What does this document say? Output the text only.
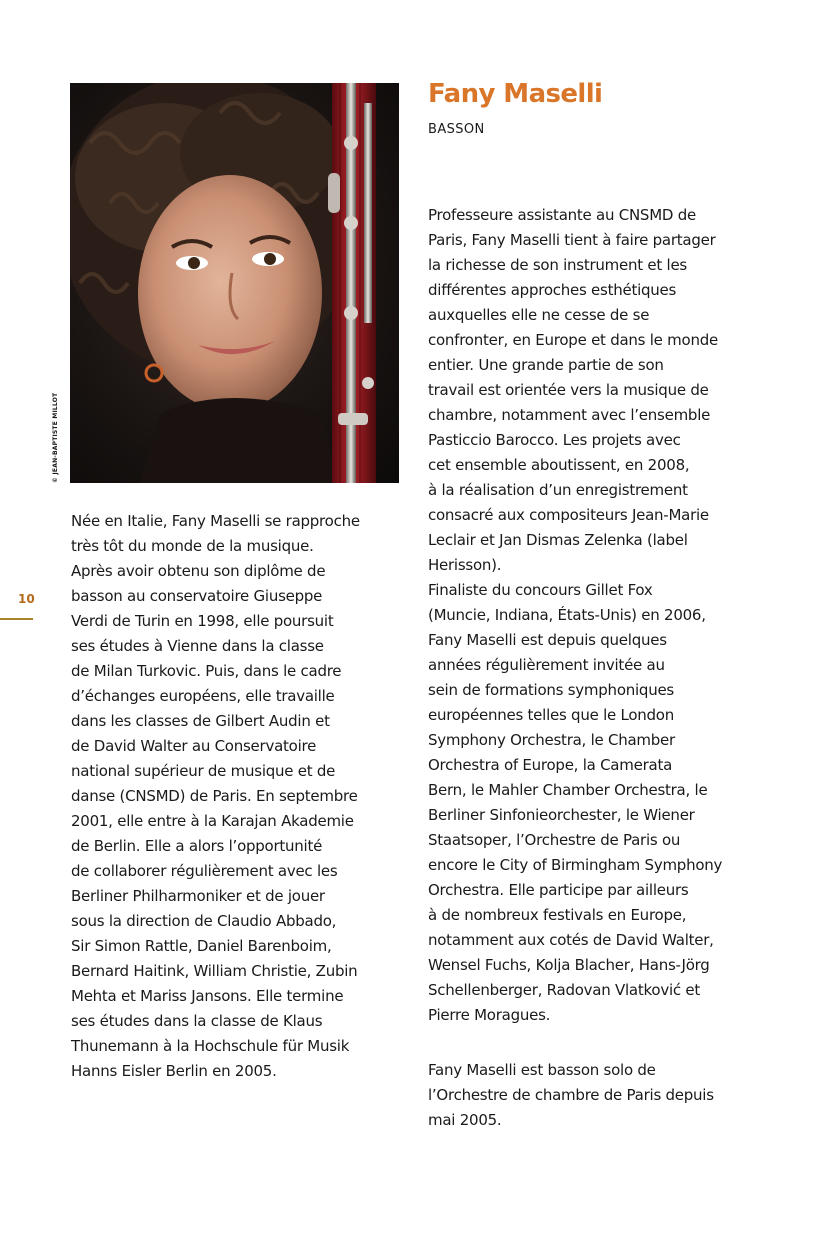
© JEAN-BAPTISTE MILLOT
10
Fany Maselli
BASSON
Née en Italie, Fany Maselli se rapproche
très tôt du monde de la musique.
Après avoir obtenu son diplôme de
basson au conservatoire Giuseppe
Verdi de Turin en 1998, elle poursuit
ses études à Vienne dans la classe
de Milan Turkovic. Puis, dans le cadre
d’échanges européens, elle travaille
dans les classes de Gilbert Audin et
de David Walter au Conservatoire
national supérieur de musique et de
danse (CNSMD) de Paris. En septembre
2001, elle entre à la Karajan Akademie
de Berlin. Elle a alors l’opportunité
de collaborer régulièrement avec les
Berliner Philharmoniker et de jouer
sous la direction de Claudio Abbado,
Sir Simon Rattle, Daniel Barenboim,
Bernard Haitink, William Christie, Zubin
Mehta et Mariss Jansons. Elle termine
ses études dans la classe de Klaus
Thunemann à la Hochschule für Musik
Hanns Eisler Berlin en 2005.
Professeure assistante au CNSMD de
Paris, Fany Maselli tient à faire partager
la richesse de son instrument et les
différentes approches esthétiques
auxquelles elle ne cesse de se
confronter, en Europe et dans le monde
entier. Une grande partie de son
travail est orientée vers la musique de
chambre, notamment avec l’ensemble
Pasticcio Barocco. Les projets avec
cet ensemble aboutissent, en 2008,
à la réalisation d’un enregistrement
consacré aux compositeurs Jean-Marie
Leclair et Jan Dismas Zelenka (label
Herisson).
Finaliste du concours Gillet Fox
(Muncie, Indiana, États-Unis) en 2006,
Fany Maselli est depuis quelques
années régulièrement invitée au
sein de formations symphoniques
européennes telles que le London
Symphony Orchestra, le Chamber
Orchestra of Europe, la Camerata
Bern, le Mahler Chamber Orchestra, le
Berliner Sinfonieorchester, le Wiener
Staatsoper, l’Orchestre de Paris ou
encore le City of Birmingham Symphony
Orchestra. Elle participe par ailleurs
à de nombreux festivals en Europe,
notamment aux cotés de David Walter,
Wensel Fuchs, Kolja Blacher, Hans-Jörg
Schellenberger, Radovan Vlatković et
Pierre Moragues.
Fany Maselli est basson solo de
l’Orchestre de chambre de Paris depuis
mai 2005.
